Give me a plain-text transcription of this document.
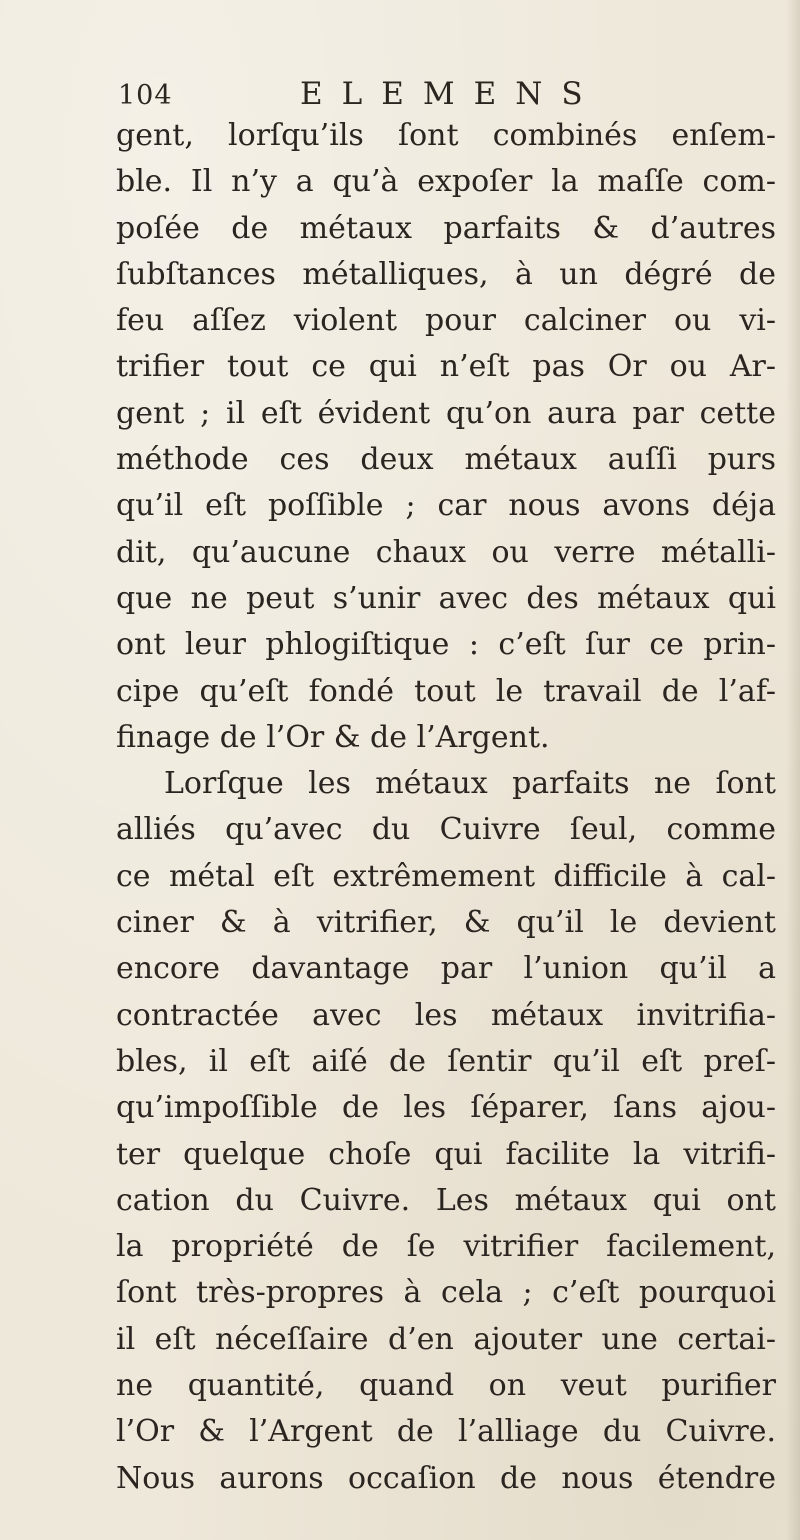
104	ELEMENS
gent, lorſqu’ils ſont combinés enſem-
ble. Il n’y a qu’à expoſer la maſſe com-
poſée de métaux parfaits & d’autres
ſubſtances métalliques, à un dégré de
feu aſſez violent pour calciner ou vi-
trifier tout ce qui n’eſt pas Or ou Ar-
gent ; il eſt évident qu’on aura par cette
méthode ces deux métaux auſſi purs
qu’il eſt poſſible ; car nous avons déja
dit, qu’aucune chaux ou verre métalli-
que ne peut s’unir avec des métaux qui
ont leur phlogiſtique : c’eſt ſur ce prin-
cipe qu’eſt fondé tout le travail de l’af-
finage de l’Or & de l’Argent.
Lorſque les métaux parfaits ne ſont
alliés qu’avec du Cuivre ſeul, comme
ce métal eſt extrêmement difficile à cal-
ciner & à vitrifier, & qu’il le devient
encore davantage par l’union qu’il a
contractée avec les métaux invitrifia-
bles, il eſt aiſé de ſentir qu’il eſt preſ-
qu’impoſſible de les ſéparer, ſans ajou-
ter quelque choſe qui facilite la vitrifi-
cation du Cuivre. Les métaux qui ont
la propriété de ſe vitrifier facilement,
ſont très-propres à cela ; c’eſt pourquoi
il eſt néceſſaire d’en ajouter une certai-
ne quantité, quand on veut purifier
l’Or & l’Argent de l’alliage du Cuivre.
Nous aurons occaſion de nous étendre
